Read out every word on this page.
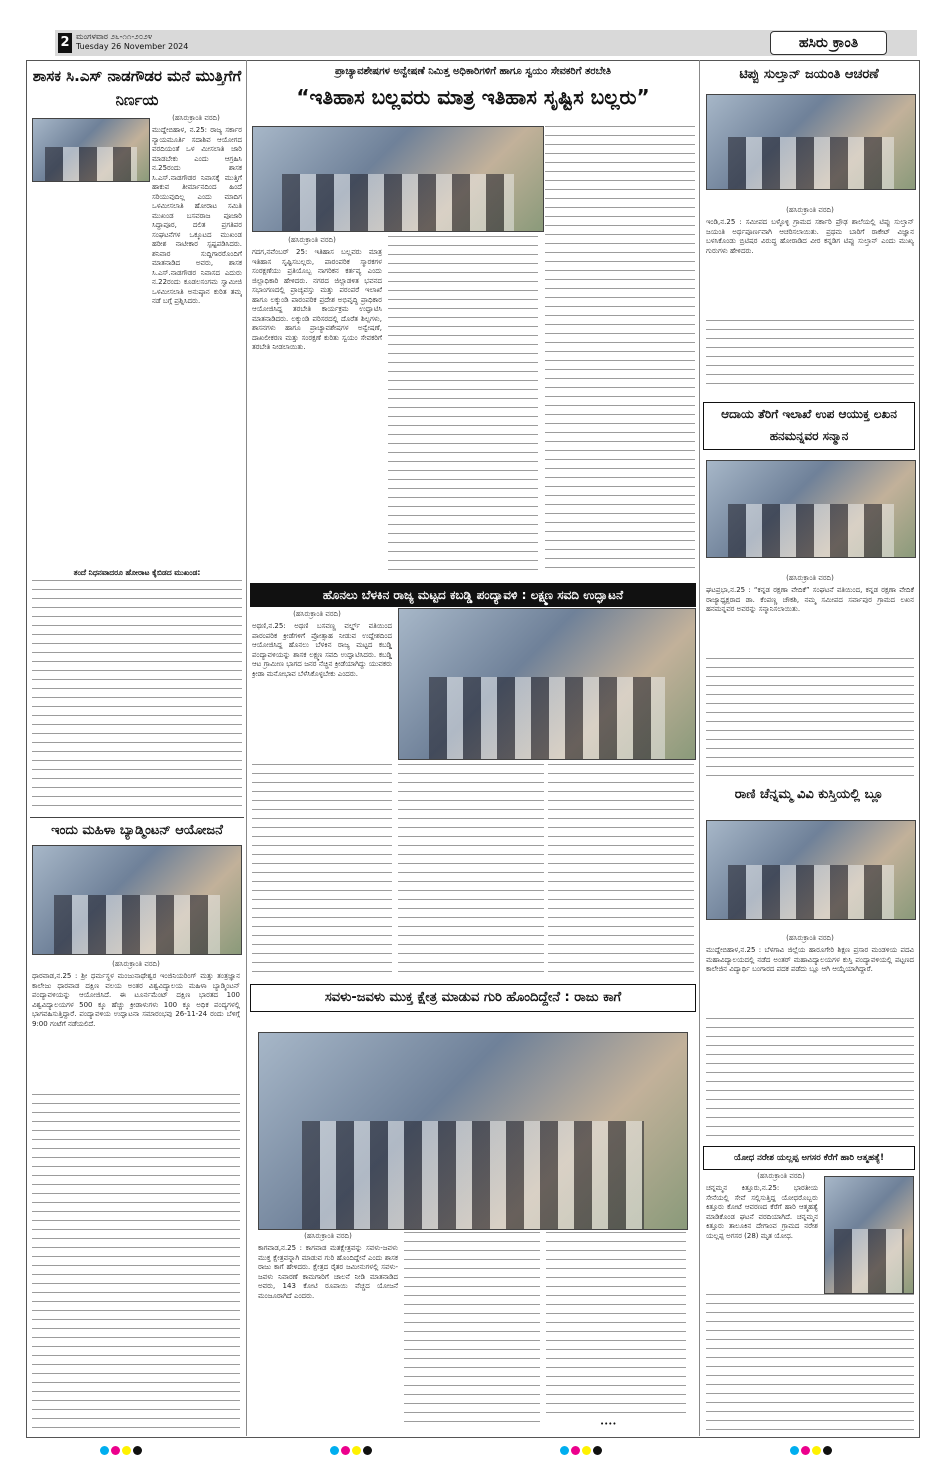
2 ಮಂಗಳವಾರ ೨೬-೧೧-೨೦೨೪
Tuesday 26 November 2024	ಹಸಿರು ಕ್ರಾಂತಿ
ಶಾಸಕ ಸಿ.ಎಸ್ ನಾಡಗೌಡರ ಮನೆ ಮುತ್ತಿಗೆಗೆ ನಿರ್ಣಯ
(ಹಸಿರುಕ್ರಾಂತಿ ವರದಿ)
ಮುದ್ದೇಬಿಹಾಳ, ನ.25: ರಾಜ್ಯ ಸರ್ಕಾರ ನ್ಯಾಯಮೂರ್ತಿ ಸದಾಶಿವ ಆಯೋಗದ ವರದಿಯಂತೆ ಒಳ ಮೀಸಲಾತಿ ಜಾರಿ ಮಾಡಬೇಕು ಎಂದು ಆಗ್ರಹಿಸಿ ನ.25ರಂದು ಶಾಸಕ ಸಿ.ಎಸ್.ನಾಡಗೌಡರ ನಿವಾಸಕ್ಕೆ ಮುತ್ತಿಗೆ ಹಾಕುವ ತೀರ್ಮಾನದಿಂದ ಹಿಂದೆ ಸರಿಯುವುದಿಲ್ಲ ಎಂದು ಮಾದಿಗ ಒಳಮೀಸಲಾತಿ ಹೋರಾಟ ಸಮಿತಿ ಮುಖಂಡ ಬಸವರಾಜ ಪೂಜಾರಿ ಸಿದ್ದಾಪೂರ, ದಲಿತ ಪ್ರಗತಿಪರ ಸಂಘಟನೆಗಳ ಒಕ್ಕೂಟದ ಮುಖಂಡ ಹರೀಶ ನಾಟೀಕಾರ ಸ್ಪಷ್ಟಪಡಿಸಿದರು. ಶನಿವಾರ ಸುದ್ದಿಗಾರರೊಂದಿಗೆ ಮಾತನಾಡಿದ ಅವರು, ಶಾಸಕ ಸಿ.ಎಸ್.ನಾಡಗೌಡರ ನಿವಾಸದ ಎದುರು ನ.22ರಂದು ಕೂಡಲಸಂಗಮ ಸ್ವಾಮೀಜಿ ಒಳಮೀಸಲಾತಿ ಅನುಷ್ಠಾನ ಕುರಿತ ತಮ್ಮ ನಡೆ ಬಗ್ಗೆ ಪ್ರಶ್ನಿಸಿದರು.
ತಂದೆ ನಿಧನವಾದರೂ ಹೋರಾಟ ಕೈಬಿಡದ ಮುಖಂಡ:
ಇಂದು ಮಹಿಳಾ ಬ್ಯಾಡ್ಮಿಂಟನ್ ಆಯೋಜನೆ
(ಹಸಿರುಕ್ರಾಂತಿ ವರದಿ)
ಧಾರವಾಡ,ನ.25 : ಶ್ರೀ ಧರ್ಮಸ್ಥಳ ಮಂಜುನಾಥೇಶ್ವರ ಇಂಜಿನಿಯರಿಂಗ್ ಮತ್ತು ತಂತ್ರಜ್ಞಾನ ಕಾಲೇಜು ಧಾರವಾಡ ದಕ್ಷಿಣ ವಲಯ ಅಂತರ ವಿಶ್ವವಿದ್ಯಾಲಯ ಮಹಿಳಾ ಬ್ಯಾಡ್ಮಿಂಟನ್ ಪಂದ್ಯಾವಳಿಯನ್ನು ಆಯೋಜಿಸಿದೆ. ಈ ಟೂರ್ನಮೆಂಟ್ ದಕ್ಷಿಣ ಭಾರತದ 100 ವಿಶ್ವವಿದ್ಯಾಲಯಗಳ 500 ಕ್ಕೂ ಹೆಚ್ಚು ಕ್ರೀಡಾಳುಗಳು 100 ಕ್ಕೂ ಅಧಿಕ ಪಂದ್ಯಗಳಲ್ಲಿ ಭಾಗವಹಿಸುತ್ತಿದ್ದಾರೆ. ಪಂದ್ಯಾವಳಿಯ ಉದ್ಘಾಟನಾ ಸಮಾರಂಭವು 26-11-24 ರಂದು ಬೆಳಿಗ್ಗೆ 9:00 ಗಂಟೆಗೆ ನಡೆಯಲಿದೆ.
ಪ್ರಾಚ್ಯಾವಶೇಷಗಳ ಅನ್ವೇಷಣೆ ನಿಮಿತ್ತ ಅಧಿಕಾರಿಗಳಿಗೆ ಹಾಗೂ ಸ್ವಯಂ ಸೇವಕರಿಗೆ ತರಬೇತಿ
“ಇತಿಹಾಸ ಬಲ್ಲವರು ಮಾತ್ರ ಇತಿಹಾಸ ಸೃಷ್ಟಿಸ ಬಲ್ಲರು”
(ಹಸಿರುಕ್ರಾಂತಿ ವರದಿ)
ಗದಗ,ನವೆಂಬರ್ 25: ಇತಿಹಾಸ ಬಲ್ಲವರು ಮಾತ್ರ ಇತಿಹಾಸ ಸೃಷ್ಟಿಸಬಲ್ಲರು, ಪಾರಂಪರಿಕ ಸ್ಮಾರಕಗಳ ಸಂರಕ್ಷಣೆಯು ಪ್ರತಿಯೊಬ್ಬ ನಾಗರಿಕನ ಕರ್ತವ್ಯ ಎಂದು ಜಿಲ್ಲಾಧಿಕಾರಿ ಹೇಳಿದರು. ನಗರದ ಜಿಲ್ಲಾಡಳಿತ ಭವನದ ಸಭಾಂಗಣದಲ್ಲಿ ಪ್ರಾಚ್ಯವಸ್ತು ಮತ್ತು ಪರಂಪರೆ ಇಲಾಖೆ ಹಾಗೂ ಲಕ್ಕುಂಡಿ ಪಾರಂಪರಿಕ ಪ್ರದೇಶ ಅಭಿವೃದ್ಧಿ ಪ್ರಾಧಿಕಾರ ಆಯೋಜಿಸಿದ್ದ ತರಬೇತಿ ಕಾರ್ಯಕ್ರಮ ಉದ್ಘಾಟಿಸಿ ಮಾತನಾಡಿದರು. ಲಕ್ಕುಂಡಿ ಪರಿಸರದಲ್ಲಿ ದೊರೆತ ಶಿಲ್ಪಗಳು, ಶಾಸನಗಳು ಹಾಗೂ ಪ್ರಾಚ್ಯಾವಶೇಷಗಳ ಅನ್ವೇಷಣೆ, ದಾಖಲೀಕರಣ ಮತ್ತು ಸಂರಕ್ಷಣೆ ಕುರಿತು ಸ್ವಯಂ ಸೇವಕರಿಗೆ ತರಬೇತಿ ನೀಡಲಾಯಿತು.
ಹೊನಲು ಬೆಳಕಿನ ರಾಜ್ಯ ಮಟ್ಟದ ಕಬಡ್ಡಿ ಪಂದ್ಯಾವಳಿ : ಲಕ್ಷ್ಮಣ ಸವದಿ ಉದ್ಘಾಟನೆ
(ಹಸಿರುಕ್ರಾಂತಿ ವರದಿ)
ಅಥಣಿ,ನ.25: ಅಥಣಿ ಬಸವಣ್ಣ ವರ್ಲ್ಡ್ ವತಿಯಿಂದ ಪಾರಂಪರಿಕ ಕ್ರೀಡೆಗಳಿಗೆ ಪ್ರೋತ್ಸಾಹ ನೀಡುವ ಉದ್ದೇಶದಿಂದ ಆಯೋಜಿಸಿದ್ದ ಹೊನಲು ಬೆಳಕಿನ ರಾಜ್ಯ ಮಟ್ಟದ ಕಬಡ್ಡಿ ಪಂದ್ಯಾವಳಿಯನ್ನು ಶಾಸಕ ಲಕ್ಷ್ಮಣ ಸವದಿ ಉದ್ಘಾಟಿಸಿದರು. ಕಬಡ್ಡಿ ಆಟ ಗ್ರಾಮೀಣ ಭಾಗದ ಜನರ ನೆಚ್ಚಿನ ಕ್ರೀಡೆಯಾಗಿದ್ದು ಯುವಕರು ಕ್ರೀಡಾ ಮನೋಭಾವ ಬೆಳೆಸಿಕೊಳ್ಳಬೇಕು ಎಂದರು.
ಸವಳು-ಜವಳು ಮುಕ್ತ ಕ್ಷೇತ್ರ ಮಾಡುವ ಗುರಿ ಹೊಂದಿದ್ದೇನೆ : ರಾಜು ಕಾಗೆ
(ಹಸಿರುಕ್ರಾಂತಿ ವರದಿ)
ಕಾಗವಾಡ,ನ.25 : ಕಾಗವಾಡ ಮತಕ್ಷೇತ್ರವನ್ನು ಸವಳು-ಜವಳು ಮುಕ್ತ ಕ್ಷೇತ್ರವನ್ನಾಗಿ ಮಾಡುವ ಗುರಿ ಹೊಂದಿದ್ದೇನೆ ಎಂದು ಶಾಸಕ ರಾಜು ಕಾಗೆ ಹೇಳಿದರು. ಕ್ಷೇತ್ರದ ರೈತರ ಜಮೀನುಗಳಲ್ಲಿ ಸವಳು-ಜವಳು ನಿವಾರಣೆ ಕಾಮಗಾರಿಗೆ ಚಾಲನೆ ನೀಡಿ ಮಾತನಾಡಿದ ಅವರು, 143 ಕೋಟಿ ರೂಪಾಯಿ ವೆಚ್ಚದ ಯೋಜನೆ ಮಂಜೂರಾಗಿದೆ ಎಂದರು.
••••
ಟಿಪ್ಪು ಸುಲ್ತಾನ್ ಜಯಂತಿ ಆಚರಣೆ
(ಹಸಿರುಕ್ರಾಂತಿ ವರದಿ)
ಇಂಡಿ,ನ.25 : ಸಮೀಪದ ಬಳ್ಳೊಳ್ಳಿ ಗ್ರಾಮದ ಸರ್ಕಾರಿ ಪ್ರೌಢ ಶಾಲೆಯಲ್ಲಿ ಟಿಪ್ಪು ಸುಲ್ತಾನ್ ಜಯಂತಿ ಅರ್ಥಪೂರ್ಣವಾಗಿ ಆಚರಿಸಲಾಯಿತು. ಪ್ರಥಮ ಬಾರಿಗೆ ರಾಕೇಟ್ ವಿಜ್ಞಾನ ಬಳಸಿಕೊಂಡು ಬ್ರಿಟಿಷರ ವಿರುದ್ಧ ಹೋರಾಡಿದ ವೀರ ಕನ್ನಡಿಗ ಟಿಪ್ಪು ಸುಲ್ತಾನ್ ಎಂದು ಮುಖ್ಯ ಗುರುಗಳು ಹೇಳಿದರು.
ಆದಾಯ ತೆರಿಗೆ ಇಲಾಖೆ ಉಪ ಆಯುಕ್ತ ಲಖನ ಹನಮನ್ನವರ ಸನ್ಮಾನ
(ಹಸಿರುಕ್ರಾಂತಿ ವರದಿ)
ಘಟಪ್ರಭಾ,ನ.25 : “ಕನ್ನಡ ರಕ್ಷಣಾ ವೇದಿಕೆ” ಸಂಘಟನೆ ವತಿಯಿಂದ, ಕನ್ನಡ ರಕ್ಷಣಾ ವೇದಿಕೆ ರಾಜ್ಯಾಧ್ಯಕ್ಷರಾದ ಡಾ. ಕೆಂಪಣ್ಣ ಚೌಕಶಿ, ನಮ್ಮ ಸಮೀಪದ ಸರ್ವಾಪುರ ಗ್ರಾಮದ ಲಖನ ಹನಮನ್ನವರ ಅವರನ್ನು ಸನ್ಮಾನಿಸಲಾಯಿತು.
ರಾಣಿ ಚೆನ್ನಮ್ಮ ವಿವಿ ಕುಸ್ತಿಯಲ್ಲಿ ಬ್ಲೂ
(ಹಸಿರುಕ್ರಾಂತಿ ವರದಿ)
ಮುದ್ದೇಬಿಹಾಳ,ನ.25 : ಬೆಳಗಾವಿ ಜಿಲ್ಲೆಯ ಹಾರೂಗೇರಿ ಶಿಕ್ಷಣ ಪ್ರಸಾರ ಮಂಡಳಿಯ ಪದವಿ ಮಹಾವಿದ್ಯಾಲಯದಲ್ಲಿ ನಡೆದ ಅಂತರ್ ಮಹಾವಿದ್ಯಾಲಯಗಳ ಕುಸ್ತಿ ಪಂದ್ಯಾವಳಿಯಲ್ಲಿ ಪಟ್ಟಣದ ಕಾಲೇಜಿನ ವಿದ್ಯಾರ್ಥಿ ಬಂಗಾರದ ಪದಕ ಪಡೆದು ಬ್ಲೂ ಆಗಿ ಆಯ್ಕೆಯಾಗಿದ್ದಾರೆ.
ಯೋಧ ನರೇಶ ಯಲ್ಲಪ್ಪ ಅಗಸರ ಕೆರೆಗೆ ಹಾರಿ ಆತ್ಮಹತ್ಯೆ!
(ಹಸಿರುಕ್ರಾಂತಿ ವರದಿ)
ಚನ್ನಮ್ಮನ ಕಿತ್ತೂರು,ನ.25: ಭಾರತೀಯ ಸೇನೆಯಲ್ಲಿ ಸೇವೆ ಸಲ್ಲಿಸುತ್ತಿದ್ದ ಯೋಧರೊಬ್ಬರು ಕಿತ್ತೂರು ಕೋಟೆ ಆವರಣದ ಕೆರೆಗೆ ಹಾರಿ ಆತ್ಮಹತ್ಯೆ ಮಾಡಿಕೊಂಡ ಘಟನೆ ವರದಿಯಾಗಿದೆ. ಚನ್ನಮ್ಮನ ಕಿತ್ತೂರು ತಾಲೂಕಿನ ದೇಗಾಂವ ಗ್ರಾಮದ ನರೇಶ ಯಲ್ಲಪ್ಪ ಅಗಸರ (28) ಮೃತ ಯೋಧ.
